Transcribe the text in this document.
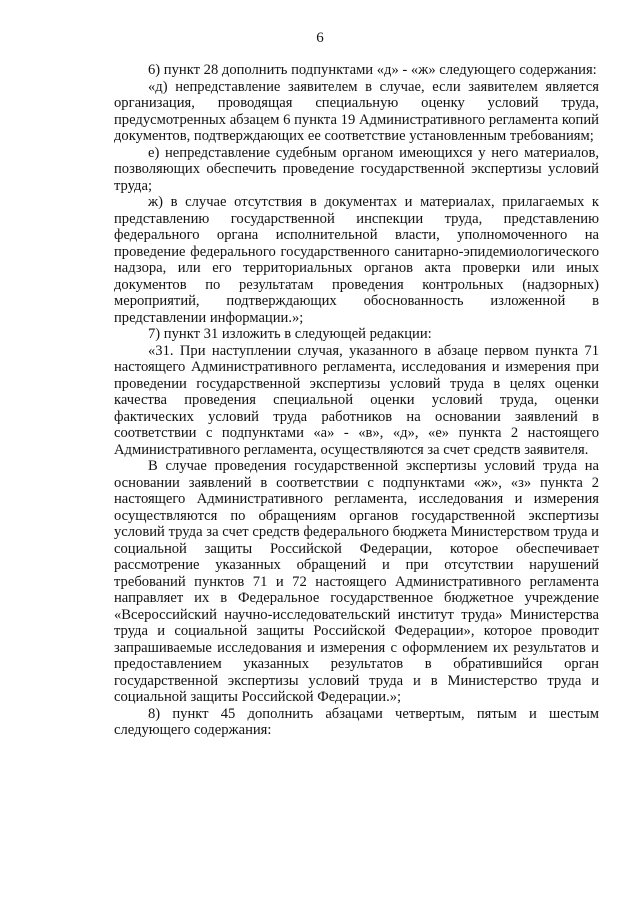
6

6) пункт 28 дополнить подпунктами «д» - «ж» следующего содержания:

«д) непредставление заявителем в случае, если заявителем является организация, проводящая специальную оценку условий труда, предусмотренных абзацем 6 пункта 19 Административного регламента копий документов, подтверждающих ее соответствие установленным требованиям;

е) непредставление судебным органом имеющихся у него материалов, позволяющих обеспечить проведение государственной экспертизы условий труда;

ж) в случае отсутствия в документах и материалах, прилагаемых к представлению государственной инспекции труда, представлению федерального органа исполнительной власти, уполномоченного на проведение федерального государственного санитарно-эпидемиологического надзора, или его территориальных органов акта проверки или иных документов по результатам проведения контрольных (надзорных) мероприятий, подтверждающих обоснованность изложенной в представлении информации.»;

7) пункт 31 изложить в следующей редакции:

«31. При наступлении случая, указанного в абзаце первом пункта 71 настоящего Административного регламента, исследования и измерения при проведении государственной экспертизы условий труда в целях оценки качества проведения специальной оценки условий труда, оценки фактических условий труда работников на основании заявлений в соответствии с подпунктами «а» - «в», «д», «е» пункта 2 настоящего Административного регламента, осуществляются за счет средств заявителя.

В случае проведения государственной экспертизы условий труда на основании заявлений в соответствии с подпунктами «ж», «з» пункта 2 настоящего Административного регламента, исследования и измерения осуществляются по обращениям органов государственной экспертизы условий труда за счет средств федерального бюджета Министерством труда и социальной защиты Российской Федерации, которое обеспечивает рассмотрение указанных обращений и при отсутствии нарушений требований пунктов 71 и 72 настоящего Административного регламента направляет их в Федеральное государственное бюджетное учреждение «Всероссийский научно-исследовательский институт труда» Министерства труда и социальной защиты Российской Федерации», которое проводит запрашиваемые исследования и измерения с оформлением их результатов и предоставлением указанных результатов в обратившийся орган государственной экспертизы условий труда и в Министерство труда и социальной защиты Российской Федерации.»;

8) пункт 45 дополнить абзацами четвертым, пятым и шестым следующего содержания:
